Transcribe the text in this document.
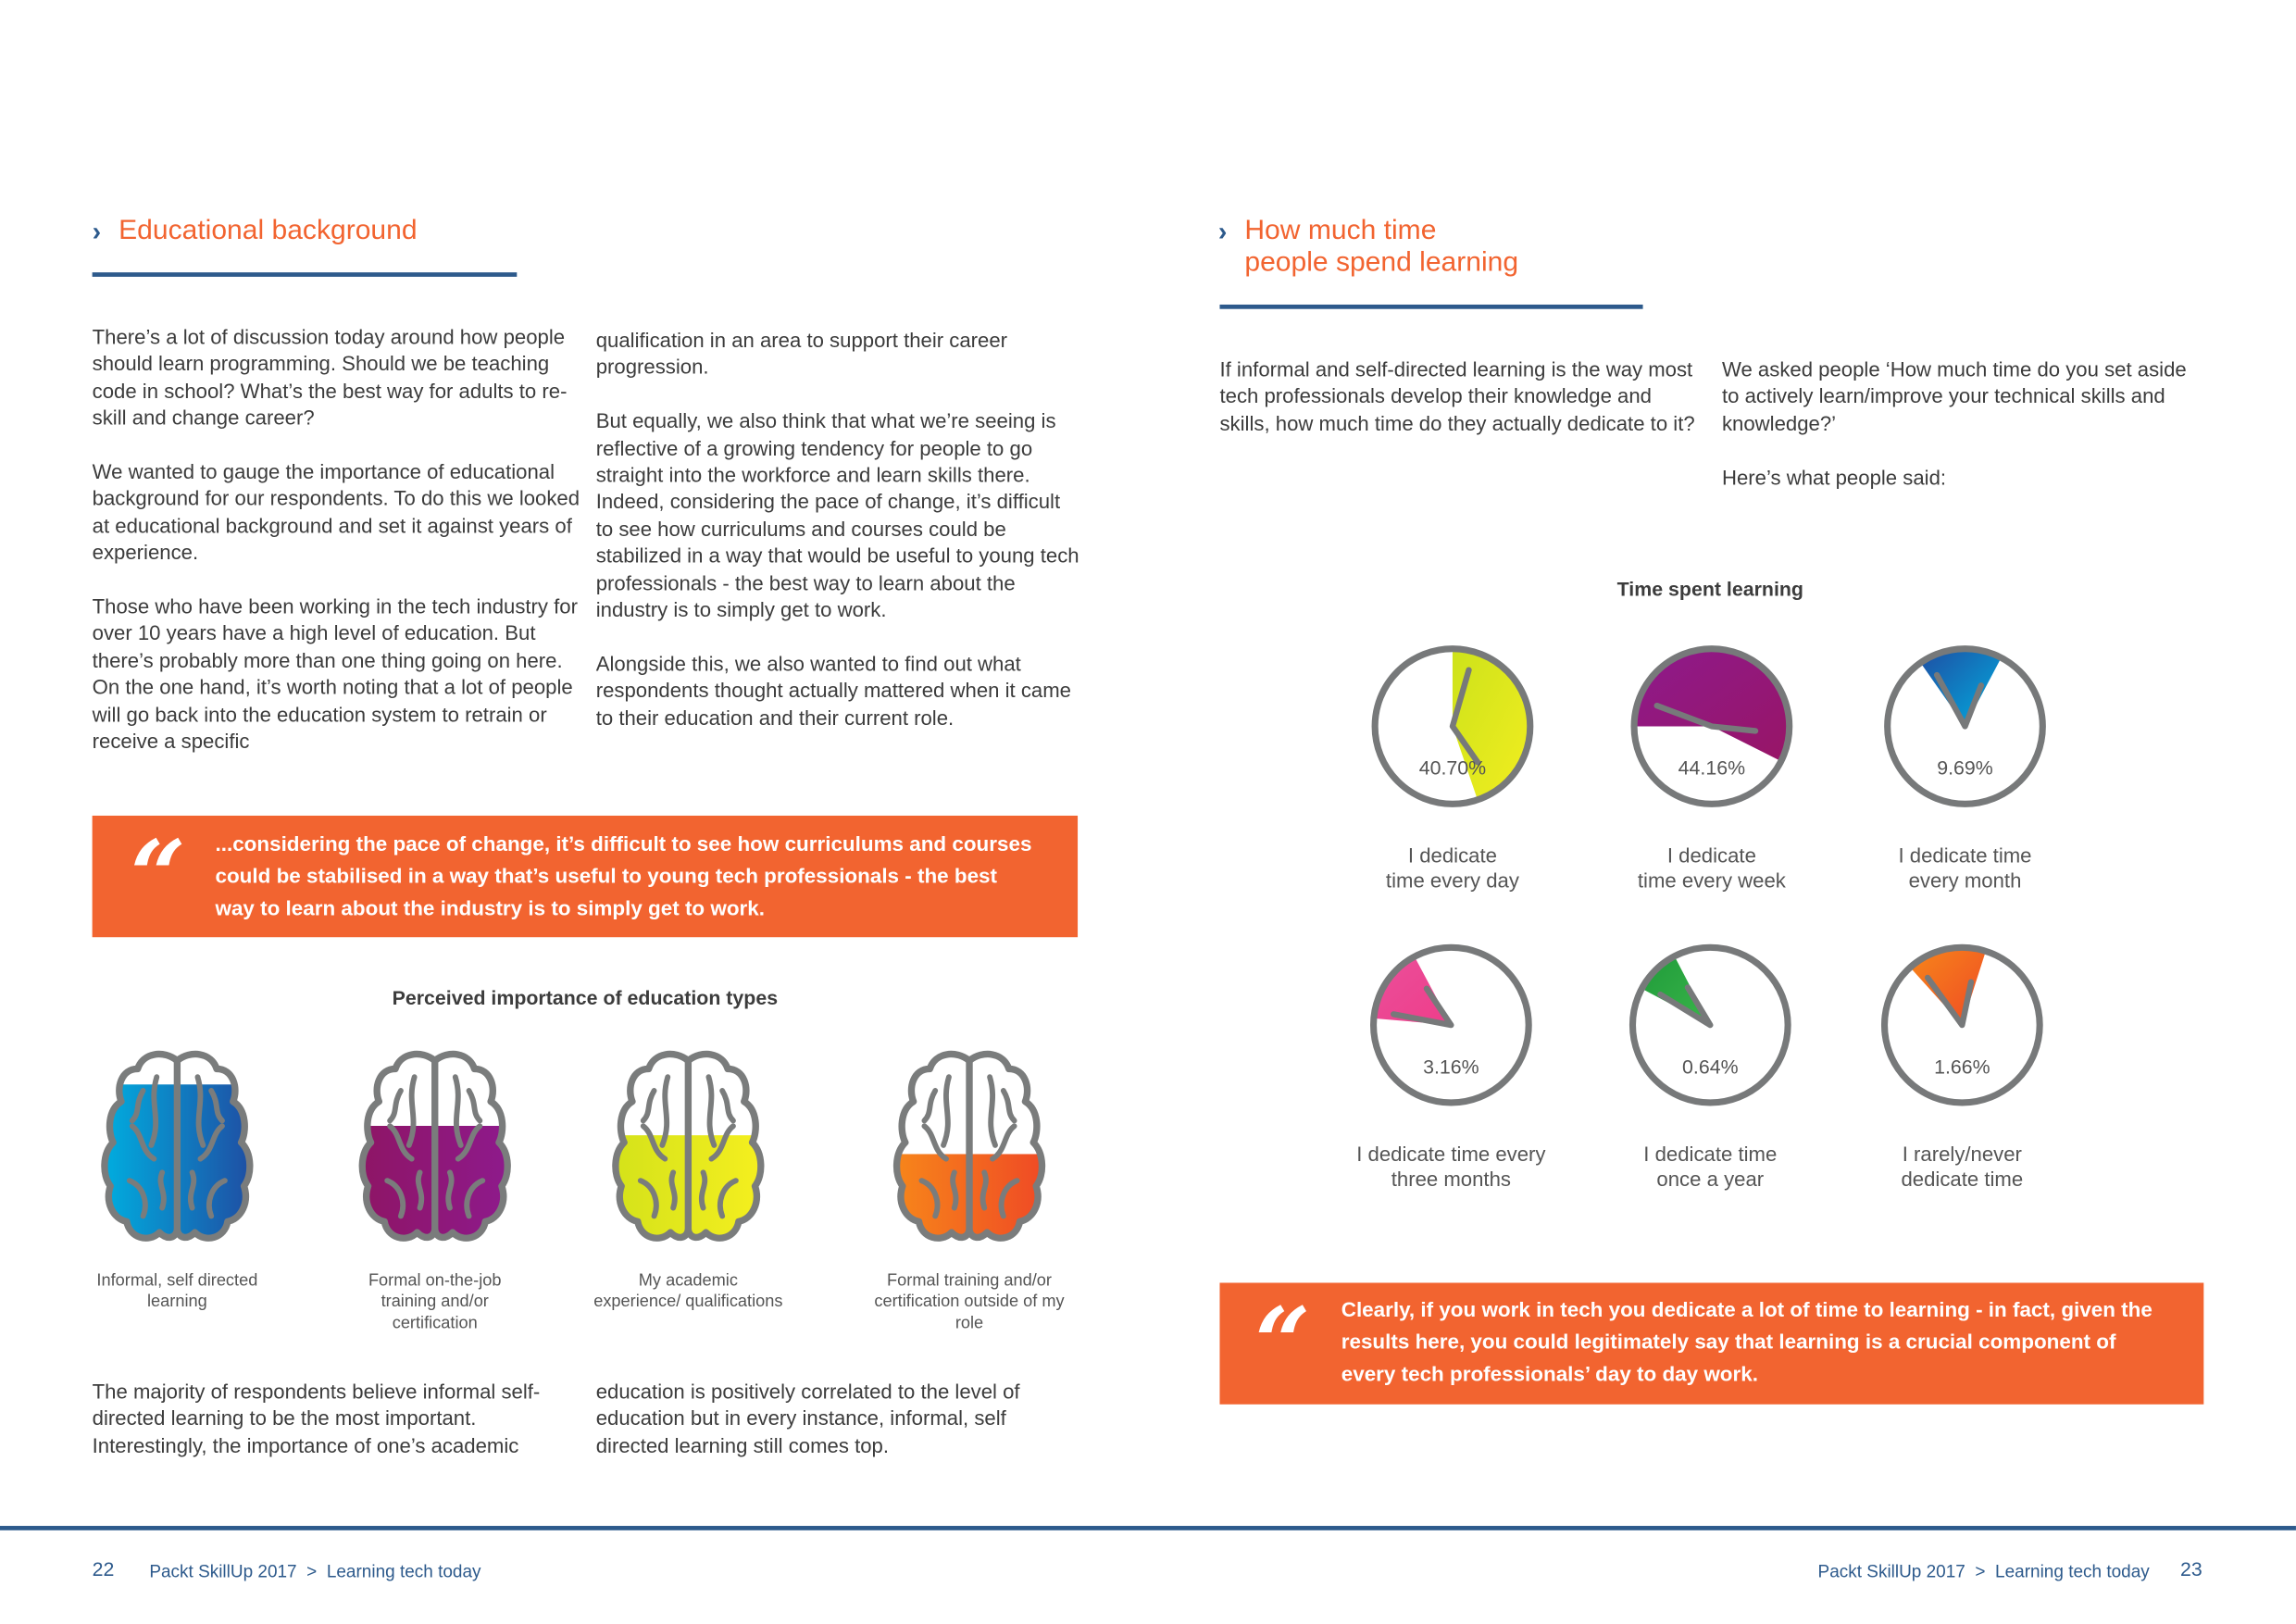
› Educational background

There’s a lot of discussion today around how people should learn programming. Should we be teaching code in school? What’s the best way for adults to re-skill and change career?

We wanted to gauge the importance of educational background for our respondents. To do this we looked at educational background and set it against years of experience.

Those who have been working in the tech industry for over 10 years have a high level of education. But there’s probably more than one thing going on here. On the one hand, it’s worth noting that a lot of people will go back into the education system to retrain or receive a specific

qualification in an area to support their career progression.

But equally, we also think that what we’re seeing is reflective of a growing tendency for people to go straight into the workforce and learn skills there. Indeed, considering the pace of change, it’s difficult to see how curriculums and courses could be stabilized in a way that would be useful to young tech professionals - the best way to learn about the industry is to simply get to work.

Alongside this, we also wanted to find out what respondents thought actually mattered when it came to their education and their current role.

“ ...considering the pace of change, it’s difficult to see how curriculums and courses could be stabilised in a way that’s useful to young tech professionals - the best way to learn about the industry is to simply get to work.
Perceived importance of education types
Informal, self directed learning
Formal on-the-job training and/or certification
My academic experience/ qualifications
Formal training and/or certification outside of my role
The majority of respondents believe informal self-directed learning to be the most important. Interestingly, the importance of one’s academic
education is positively correlated to the level of education but in every instance, informal, self directed learning still comes top.
› How much time
people spend learning
If informal and self-directed learning is the way most tech professionals develop their knowledge and skills, how much time do they actually dedicate to it?

We asked people ‘How much time do you set aside to actively learn/improve your technical skills and knowledge?’

Here’s what people said:

Time spent learning
40.70%
I dedicate
time every day
44.16%
I dedicate
time every week
9.69%
I dedicate time
every month
3.16%
I dedicate time every
three months
0.64%
I dedicate time
once a year
1.66%
I rarely/never
dedicate time
“ Clearly, if you work in tech you dedicate a lot of time to learning - in fact, given the results here, you could legitimately say that learning is a crucial component of every tech professionals’ day to day work.
22	Packt SkillUp 2017 > Learning tech today	Packt SkillUp 2017 > Learning tech today 23
